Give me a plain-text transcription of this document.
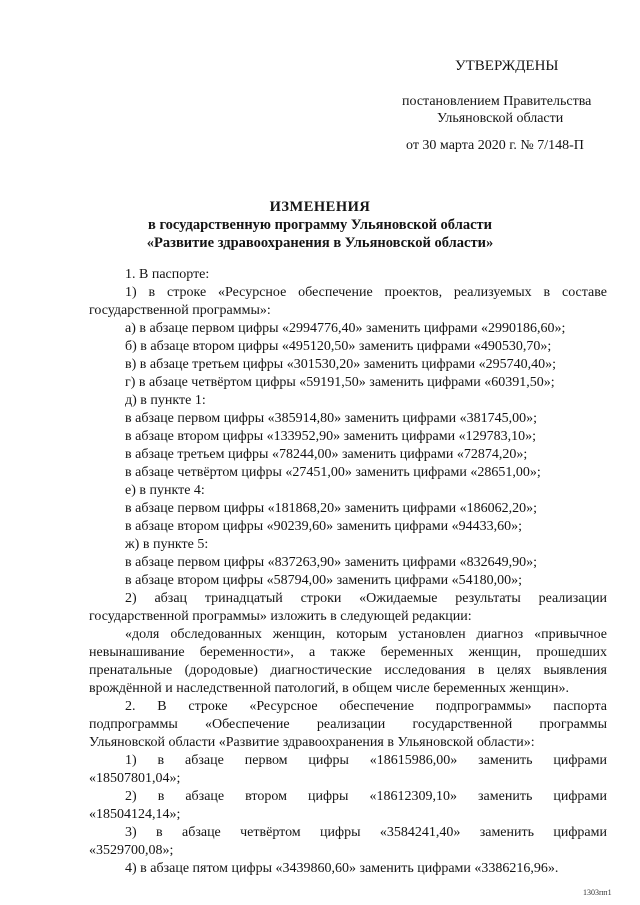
УТВЕРЖДЕНЫ
постановлением Правительства
Ульяновской области
от 30 марта 2020 г. № 7/148-П
ИЗМЕНЕНИЯ
в государственную программу Ульяновской области
«Развитие здравоохранения в Ульяновской области»
1. В паспорте:
1) в строке «Ресурсное обеспечение проектов, реализуемых в составе
государственной программы»:
а) в абзаце первом цифры «2994776,40» заменить цифрами «2990186,60»;
б) в абзаце втором цифры «495120,50» заменить цифрами «490530,70»;
в) в абзаце третьем цифры «301530,20» заменить цифрами «295740,40»;
г) в абзаце четвёртом цифры «59191,50» заменить цифрами «60391,50»;
д) в пункте 1:
в абзаце первом цифры «385914,80» заменить цифрами «381745,00»;
в абзаце втором цифры «133952,90» заменить цифрами «129783,10»;
в абзаце третьем цифры «78244,00» заменить цифрами «72874,20»;
в абзаце четвёртом цифры «27451,00» заменить цифрами «28651,00»;
е) в пункте 4:
в абзаце первом цифры «181868,20» заменить цифрами «186062,20»;
в абзаце втором цифры «90239,60» заменить цифрами «94433,60»;
ж) в пункте 5:
в абзаце первом цифры «837263,90» заменить цифрами «832649,90»;
в абзаце втором цифры «58794,00» заменить цифрами «54180,00»;
2) абзац тринадцатый строки «Ожидаемые результаты реализации
государственной программы» изложить в следующей редакции:
«доля обследованных женщин, которым установлен диагноз «привычное
невынашивание беременности», а также беременных женщин, прошедших
пренатальные (дородовые) диагностические исследования в целях выявления
врождённой и наследственной патологий, в общем числе беременных женщин».
2. В строке «Ресурсное обеспечение подпрограммы» паспорта
подпрограммы «Обеспечение реализации государственной программы
Ульяновской области «Развитие здравоохранения в Ульяновской области»:
1) в абзаце первом цифры «18615986,00» заменить цифрами
«18507801,04»;
2) в абзаце втором цифры «18612309,10» заменить цифрами
«18504124,14»;
3) в абзаце четвёртом цифры «3584241,40» заменить цифрами
«3529700,08»;
4) в абзаце пятом цифры «3439860,60» заменить цифрами «3386216,96».
1303пп1
